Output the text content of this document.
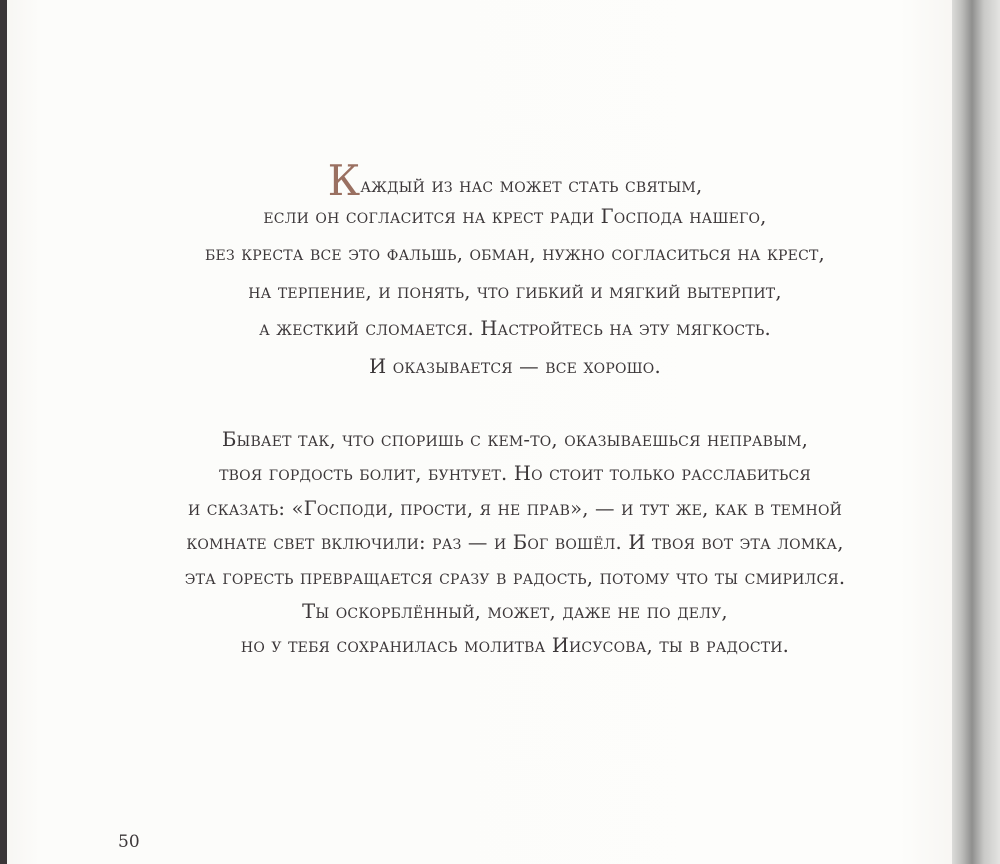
Каждый из нас может стать святым,
если он согласится на крест ради Господа нашего,
без креста все это фальшь, обман, нужно согласиться на крест,
на терпение, и понять, что гибкий и мягкий вытерпит,
а жесткий сломается. Настройтесь на эту мягкость.
И оказывается — все хорошо.
Бывает так, что споришь с кем-то, оказываешься неправым,
твоя гордость болит, бунтует. Но стоит только расслабиться
и сказать: «Господи, прости, я не прав», — и тут же, как в темной
комнате свет включили: раз — и Бог вошёл. И твоя вот эта ломка,
эта горесть превращается сразу в радость, потому что ты смирился.
Ты оскорблённый, может, даже не по делу,
но у тебя сохранилась молитва Иисусова, ты в радости.
50
